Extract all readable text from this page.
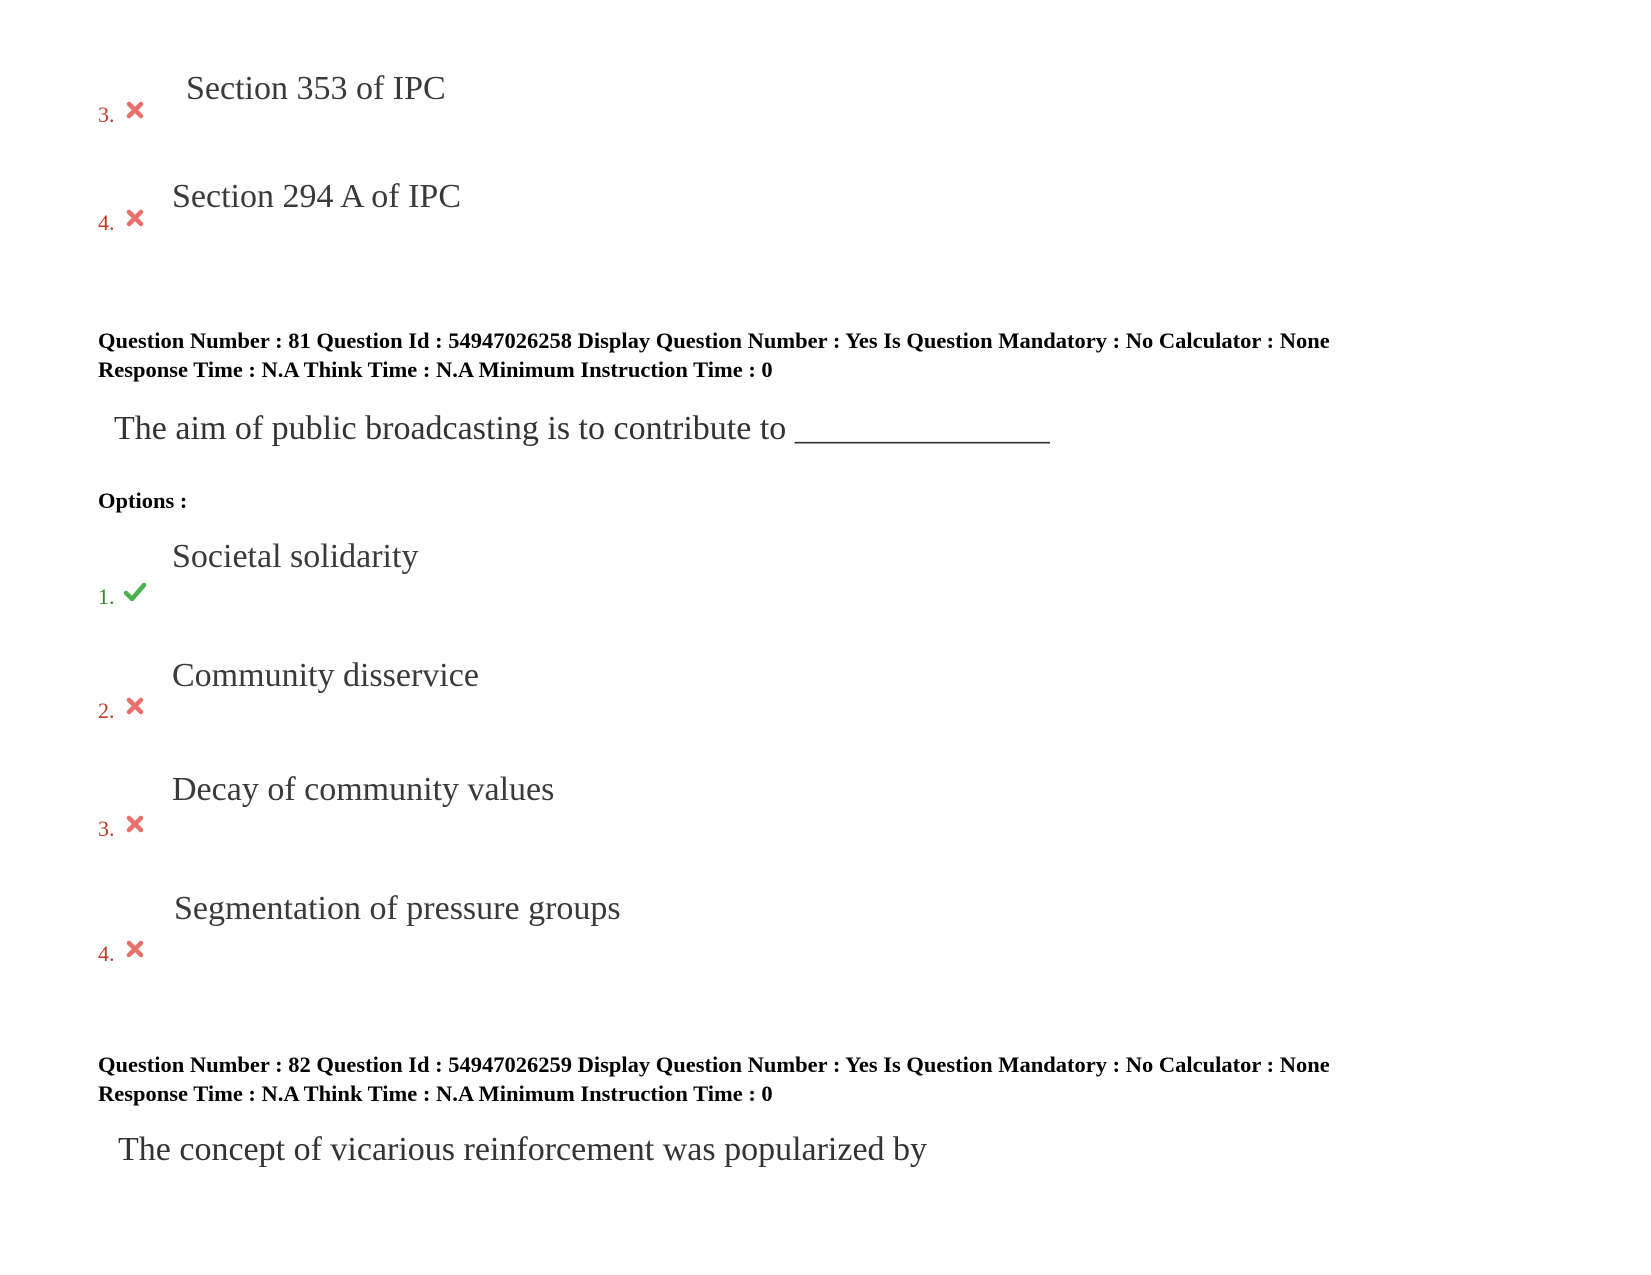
3.
Section 353 of IPC
4.
Section 294 A of IPC
Question Number : 81 Question Id : 54947026258 Display Question Number : Yes Is Question Mandatory : No Calculator : None
Response Time : N.A Think Time : N.A Minimum Instruction Time : 0
The aim of public broadcasting is to contribute to _______________
Options :
1.
Societal solidarity
2.
Community disservice
3.
Decay of community values
4.
Segmentation of pressure groups
Question Number : 82 Question Id : 54947026259 Display Question Number : Yes Is Question Mandatory : No Calculator : None
Response Time : N.A Think Time : N.A Minimum Instruction Time : 0
The concept of vicarious reinforcement was popularized by
